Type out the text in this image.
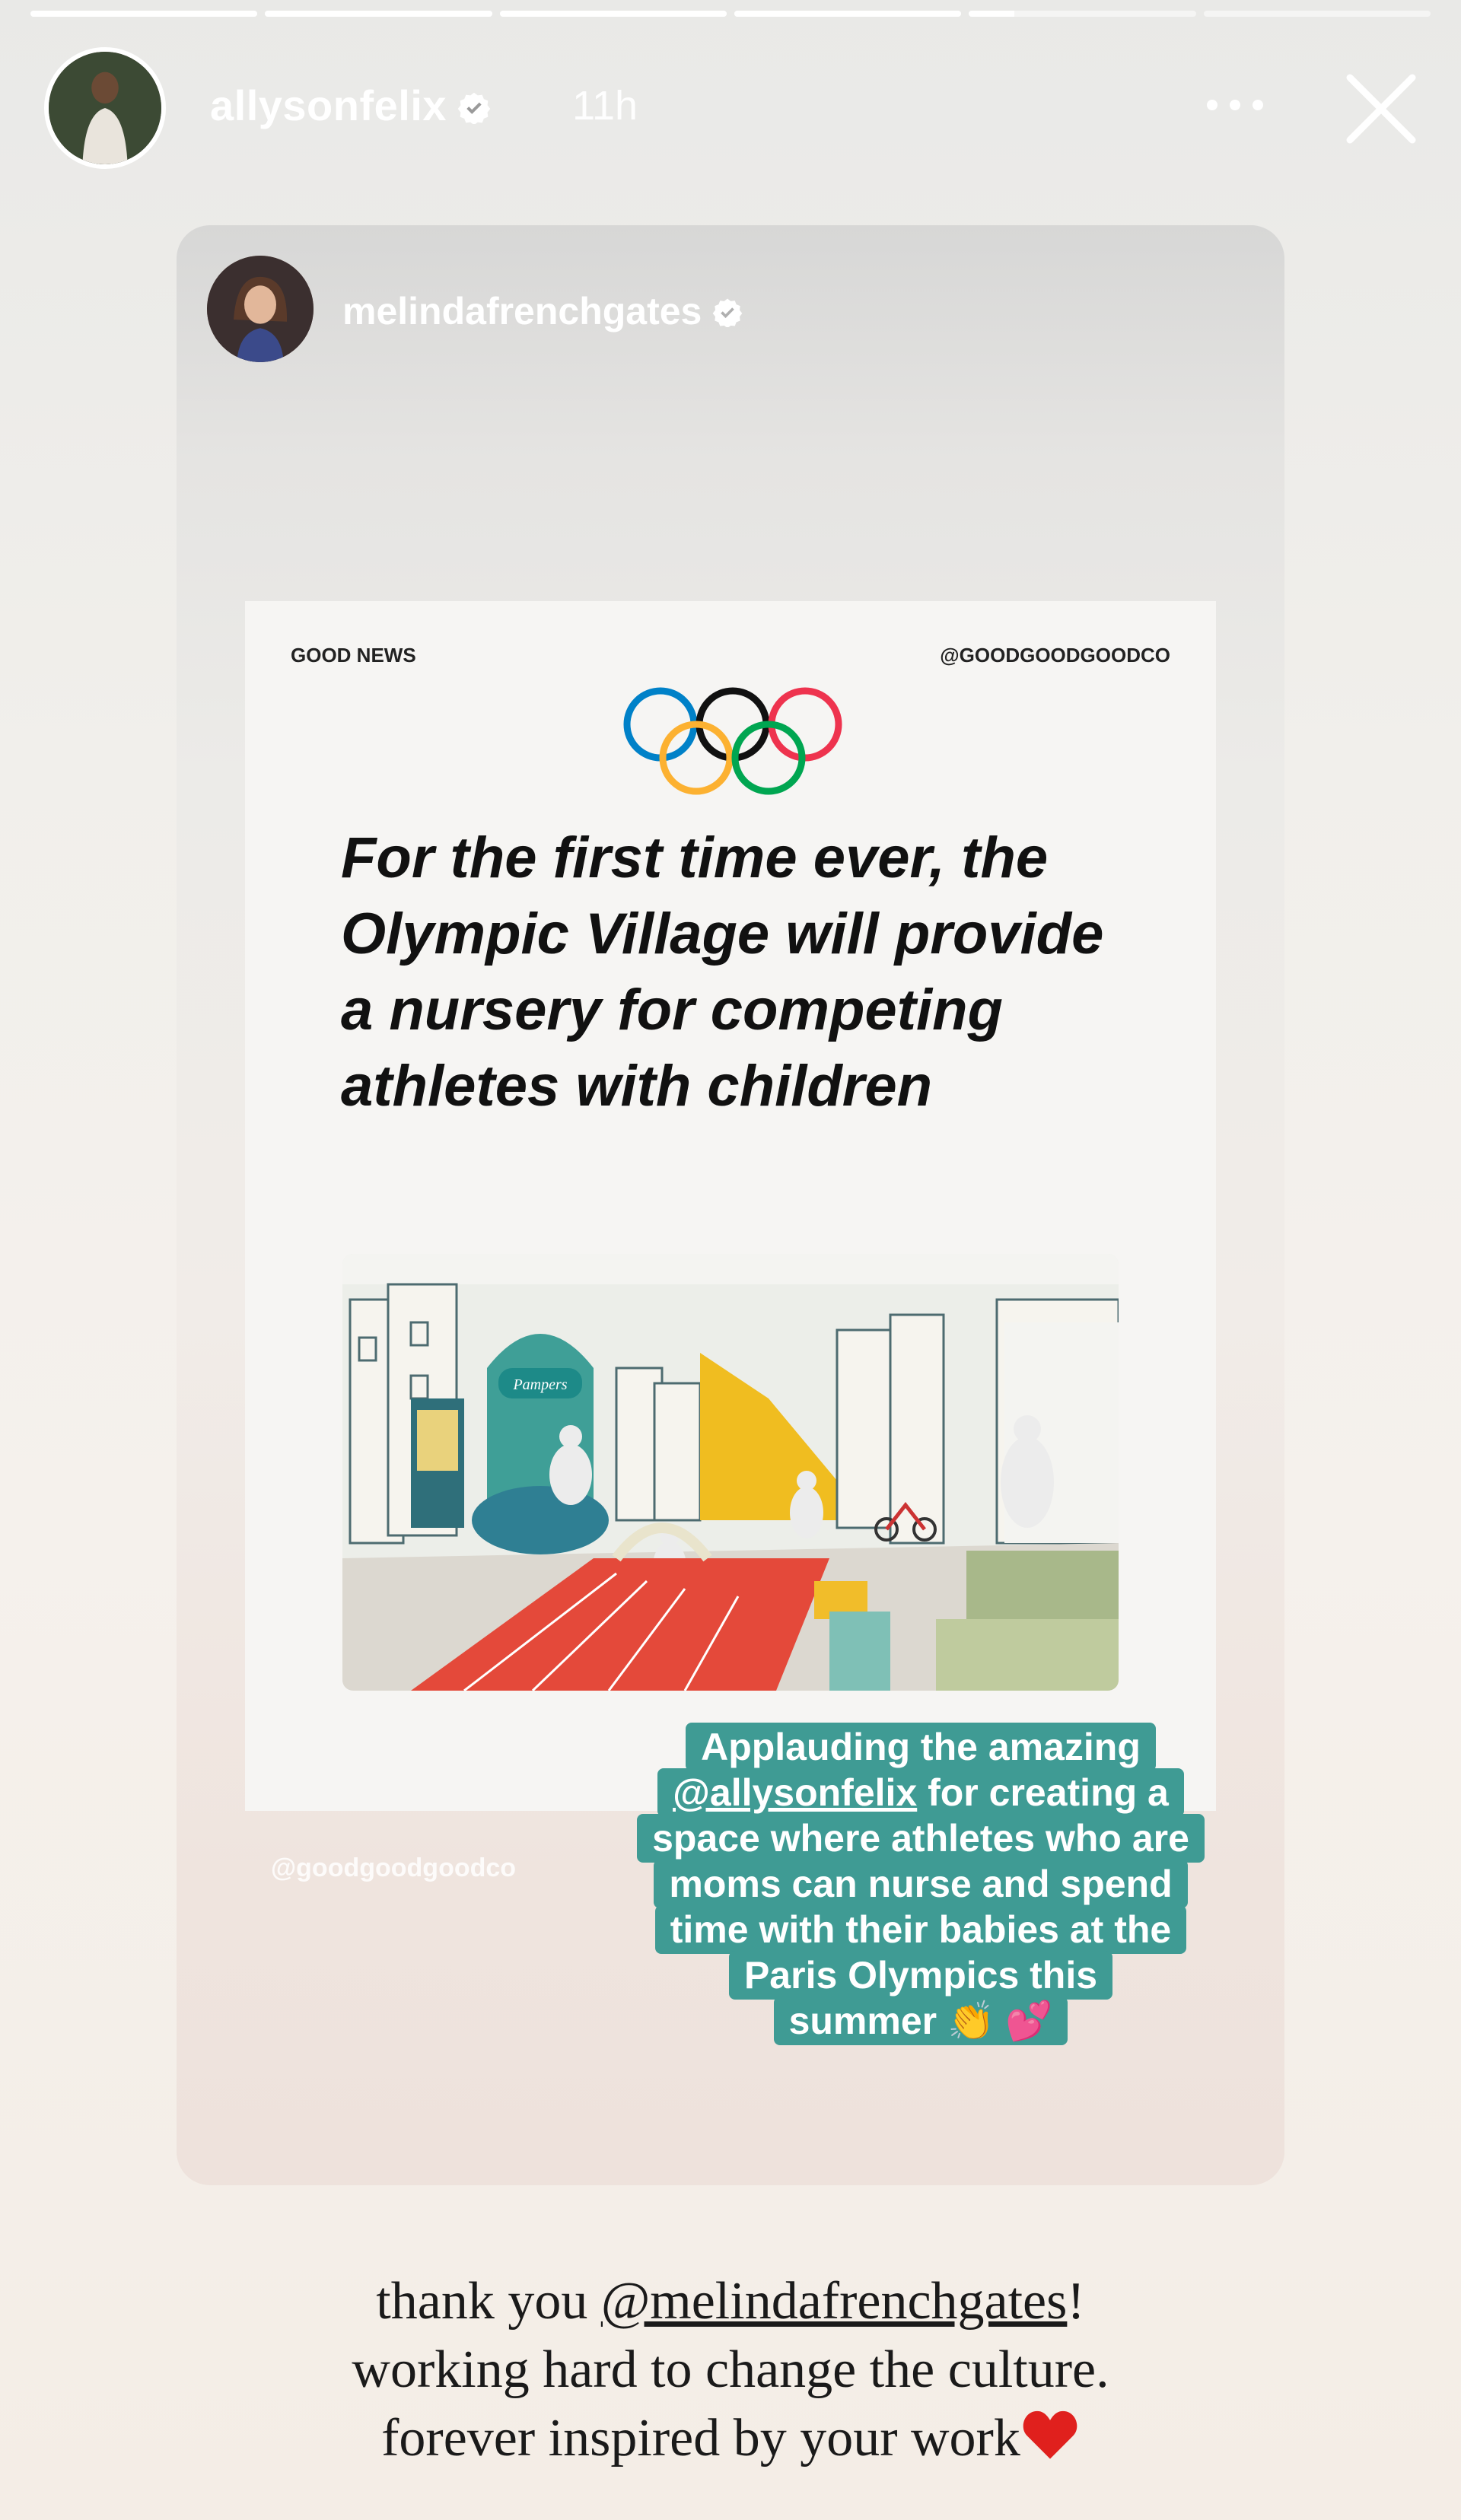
allysonfelix	11h
melindafrenchgates
GOOD NEWS	@GOODGOODGOODCO
For the first time ever, the Olympic Village will provide a nursery for competing athletes with children
Pampers
@goodgoodgoodco
Applauding the amazing
@allysonfelix for creating a
space where athletes who are
moms can nurse and spend
time with their babies at the
Paris Olympics this
summer 👏 💕
thank you @melindafrenchgates!
working hard to change the culture.
forever inspired by your work
